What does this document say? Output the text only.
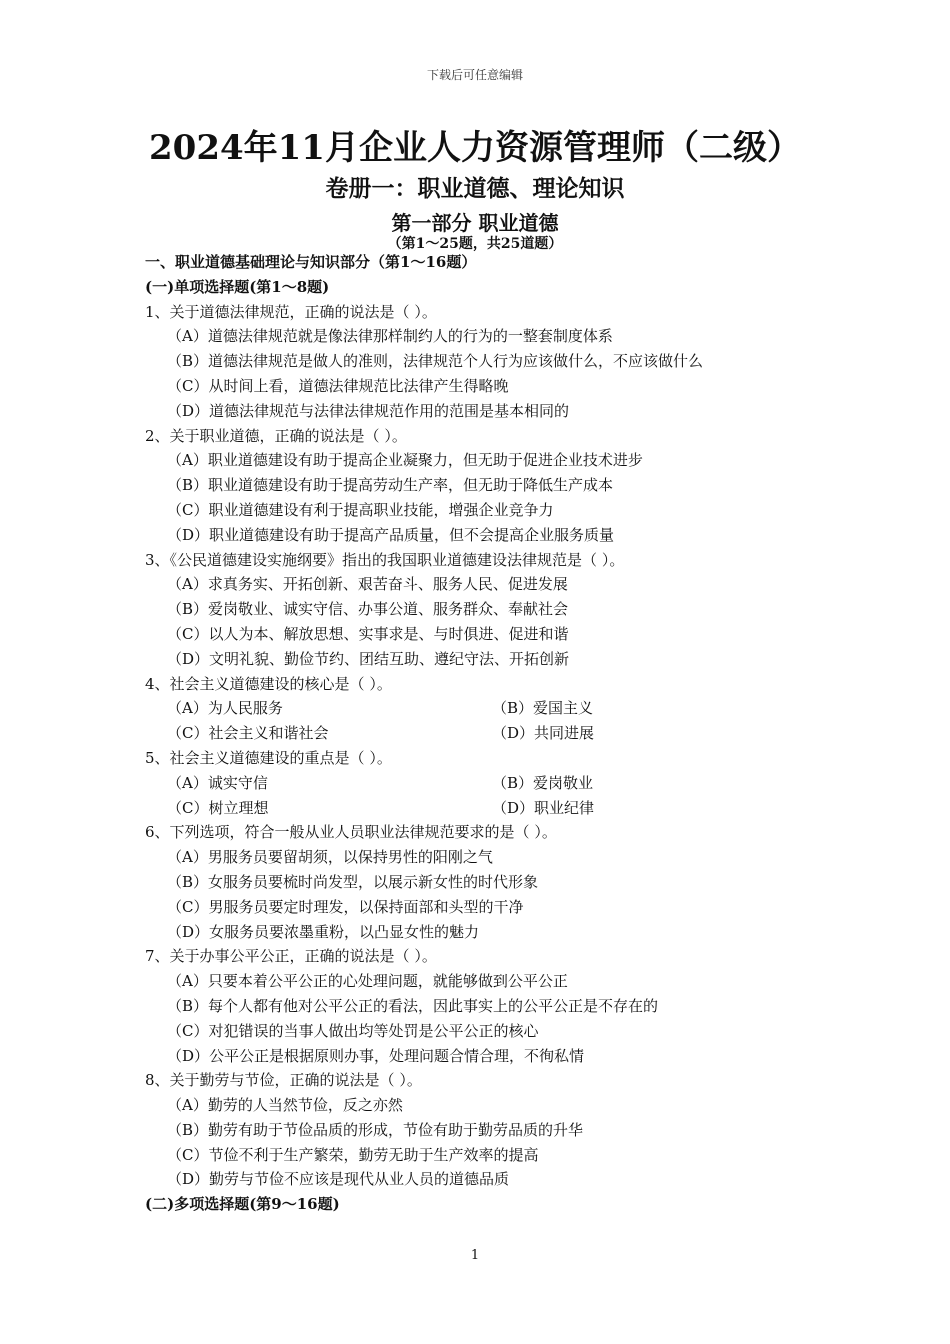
下载后可任意编辑
2024年11月企业人力资源管理师（二级）
卷册一：职业道德、理论知识
第一部分 职业道德
（第1～25题，共25道题）
一、职业道德基础理论与知识部分（第1～16题）
(一)单项选择题(第1～8题)
1、关于道德法律规范，正确的说法是（ ）。
（A）道德法律规范就是像法律那样制约人的行为的一整套制度体系
（B）道德法律规范是做人的准则，法律规范个人行为应该做什么，不应该做什么
（C）从时间上看，道德法律规范比法律产生得略晚
（D）道德法律规范与法律法律规范作用的范围是基本相同的
2、关于职业道德，正确的说法是（ ）。
（A）职业道德建设有助于提高企业凝聚力，但无助于促进企业技术进步
（B）职业道德建设有助于提高劳动生产率，但无助于降低生产成本
（C）职业道德建设有利于提高职业技能，增强企业竞争力
（D）职业道德建设有助于提高产品质量，但不会提高企业服务质量
3、《公民道德建设实施纲要》指出的我国职业道德建设法律规范是（ ）。
（A）求真务实、开拓创新、艰苦奋斗、服务人民、促进发展
（B）爱岗敬业、诚实守信、办事公道、服务群众、奉献社会
（C）以人为本、解放思想、实事求是、与时俱进、促进和谐
（D）文明礼貌、勤俭节约、团结互助、遵纪守法、开拓创新
4、社会主义道德建设的核心是（ ）。
（A）为人民服务	（B）爱国主义
（C）社会主义和谐社会	（D）共同进展
5、社会主义道德建设的重点是（ ）。
（A）诚实守信	（B）爱岗敬业
（C）树立理想	（D）职业纪律
6、下列选项，符合一般从业人员职业法律规范要求的是（ ）。
（A）男服务员要留胡须，以保持男性的阳刚之气
（B）女服务员要梳时尚发型，以展示新女性的时代形象
（C）男服务员要定时理发，以保持面部和头型的干净
（D）女服务员要浓墨重粉，以凸显女性的魅力
7、关于办事公平公正，正确的说法是（ ）。
（A）只要本着公平公正的心处理问题，就能够做到公平公正
（B）每个人都有他对公平公正的看法，因此事实上的公平公正是不存在的
（C）对犯错误的当事人做出均等处罚是公平公正的核心
（D）公平公正是根据原则办事，处理问题合情合理，不徇私情
8、关于勤劳与节俭，正确的说法是（ ）。
（A）勤劳的人当然节俭，反之亦然
（B）勤劳有助于节俭品质的形成，节俭有助于勤劳品质的升华
（C）节俭不利于生产繁荣，勤劳无助于生产效率的提高
（D）勤劳与节俭不应该是现代从业人员的道德品质
(二)多项选择题(第9～16题)
1
